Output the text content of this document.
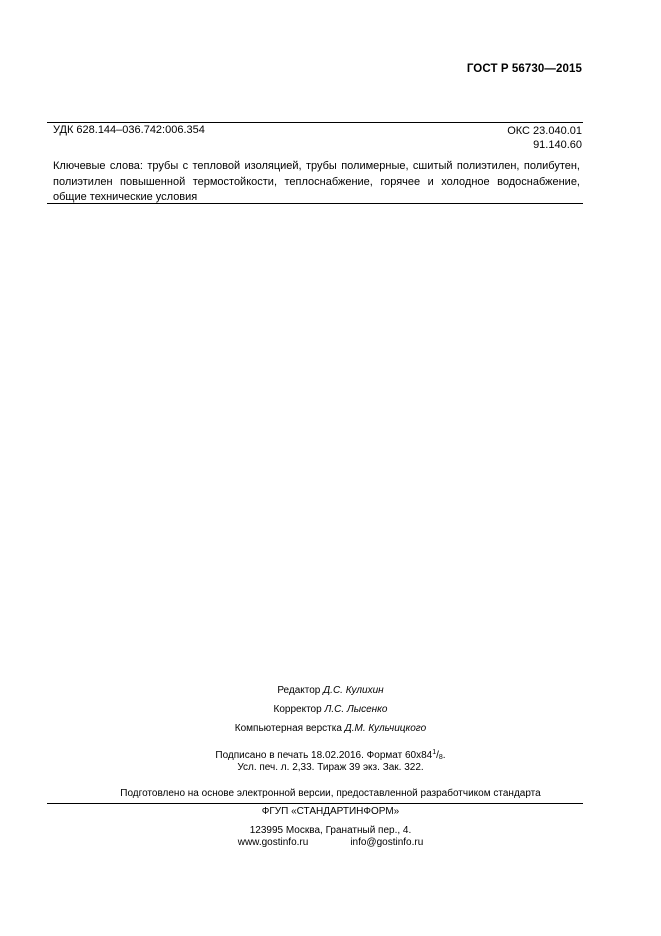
ГОСТ Р 56730—2015
УДК 628.144–036.742:006.354	ОКС 23.040.01
91.140.60
Ключевые слова: трубы с тепловой изоляцией, трубы полимерные, сшитый полиэтилен, полибутен,
полиэтилен повышенной термостойкости, теплоснабжение, горячее и холодное водоснабжение,
общие технические условия
Редактор Д.С. Кулихин
Корректор Л.С. Лысенко
Компьютерная верстка Д.М. Кульчицкого
Подписано в печать 18.02.2016. Формат $60x84^1/_8$.
Усл. печ. л. 2,33. Тираж 39 экз. Зак. 322.
Подготовлено на основе электронной версии, предоставленной разработчиком стандарта
ФГУП «СТАНДАРТИНФОРМ»
123995 Москва, Гранатный пер., 4.
www.gostinfo.ru	info@gostinfo.ru
